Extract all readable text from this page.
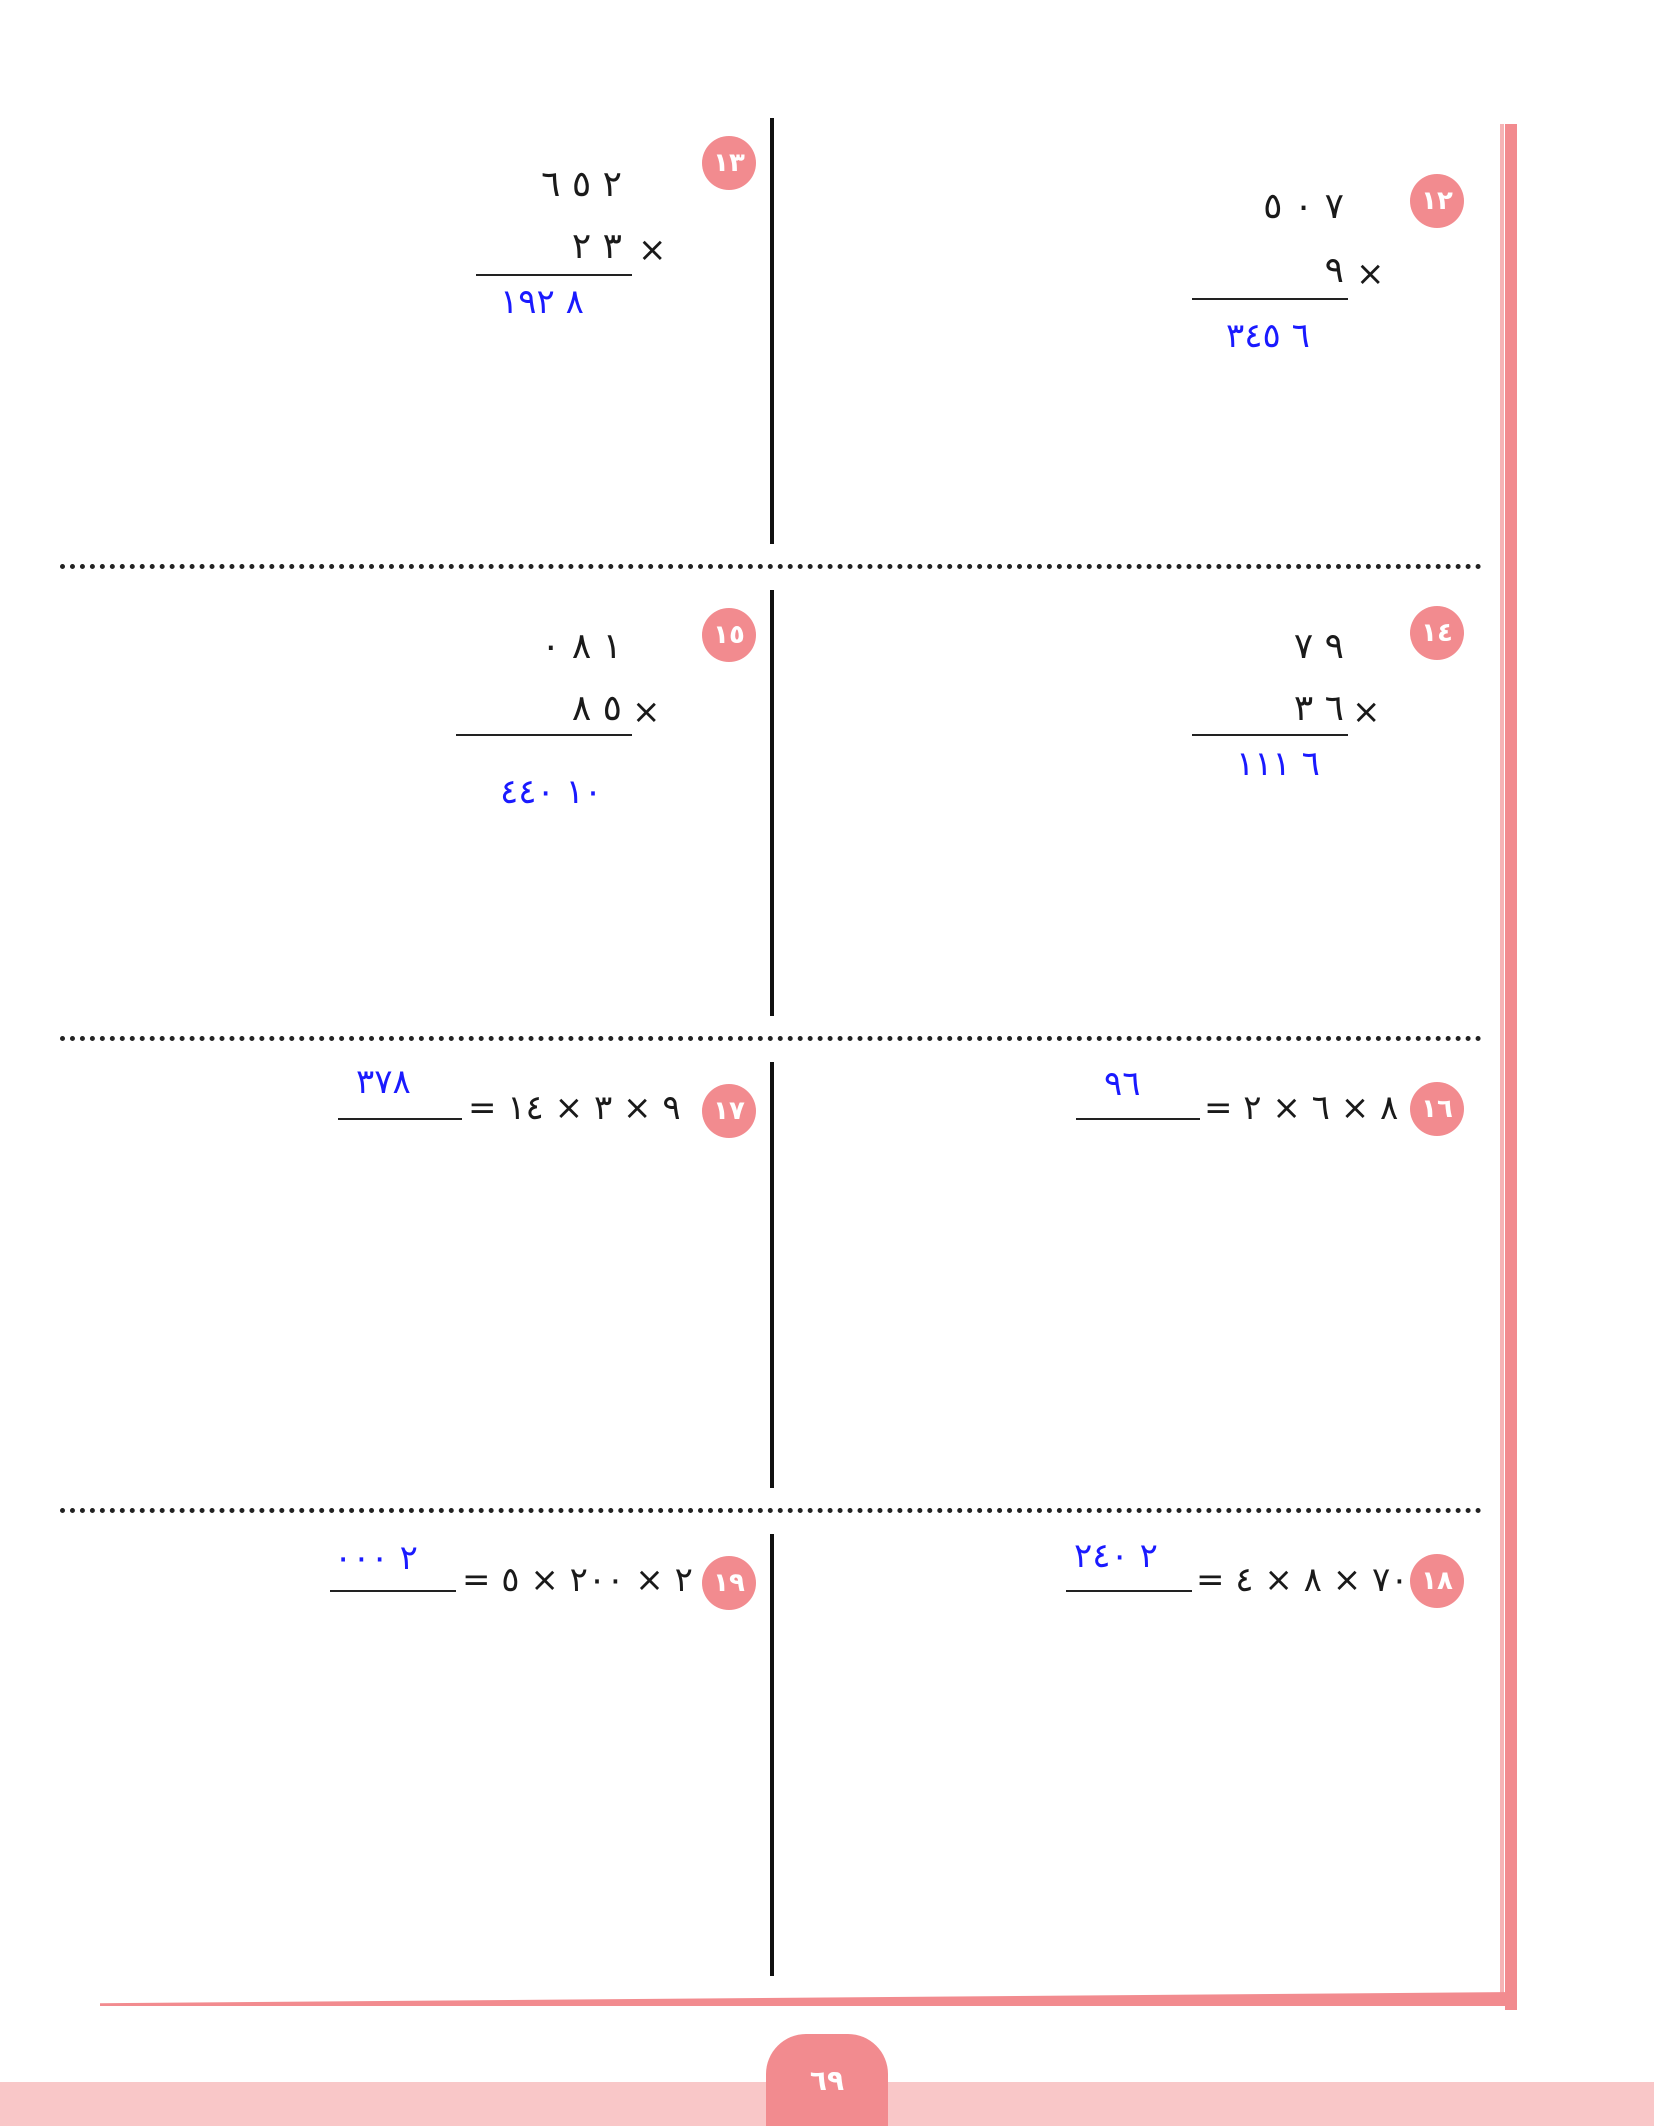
١٢
٧ ٠ ٥
٩ ×
٦ ٣٤٥
١٣
٢ ٥ ٦
٣ ٢ ×
٨ ١٩٢
١٤
٩ ٧
٦ ٣ ×
٦ ١١١
١٥
١ ٨ ٠
٥ ٨ ×
١٠ ٤٤٠
١٦
٨ × ٦ × ٢ =
٩٦
١٧
٩ × ٣ × ١٤ =
٣٧٨
١٨
٧٠ × ٨ × ٤ =
٢ ٢٤٠
١٩
٢ × ٢٠٠ × ٥ =
٢ ٠٠٠
٦٩
